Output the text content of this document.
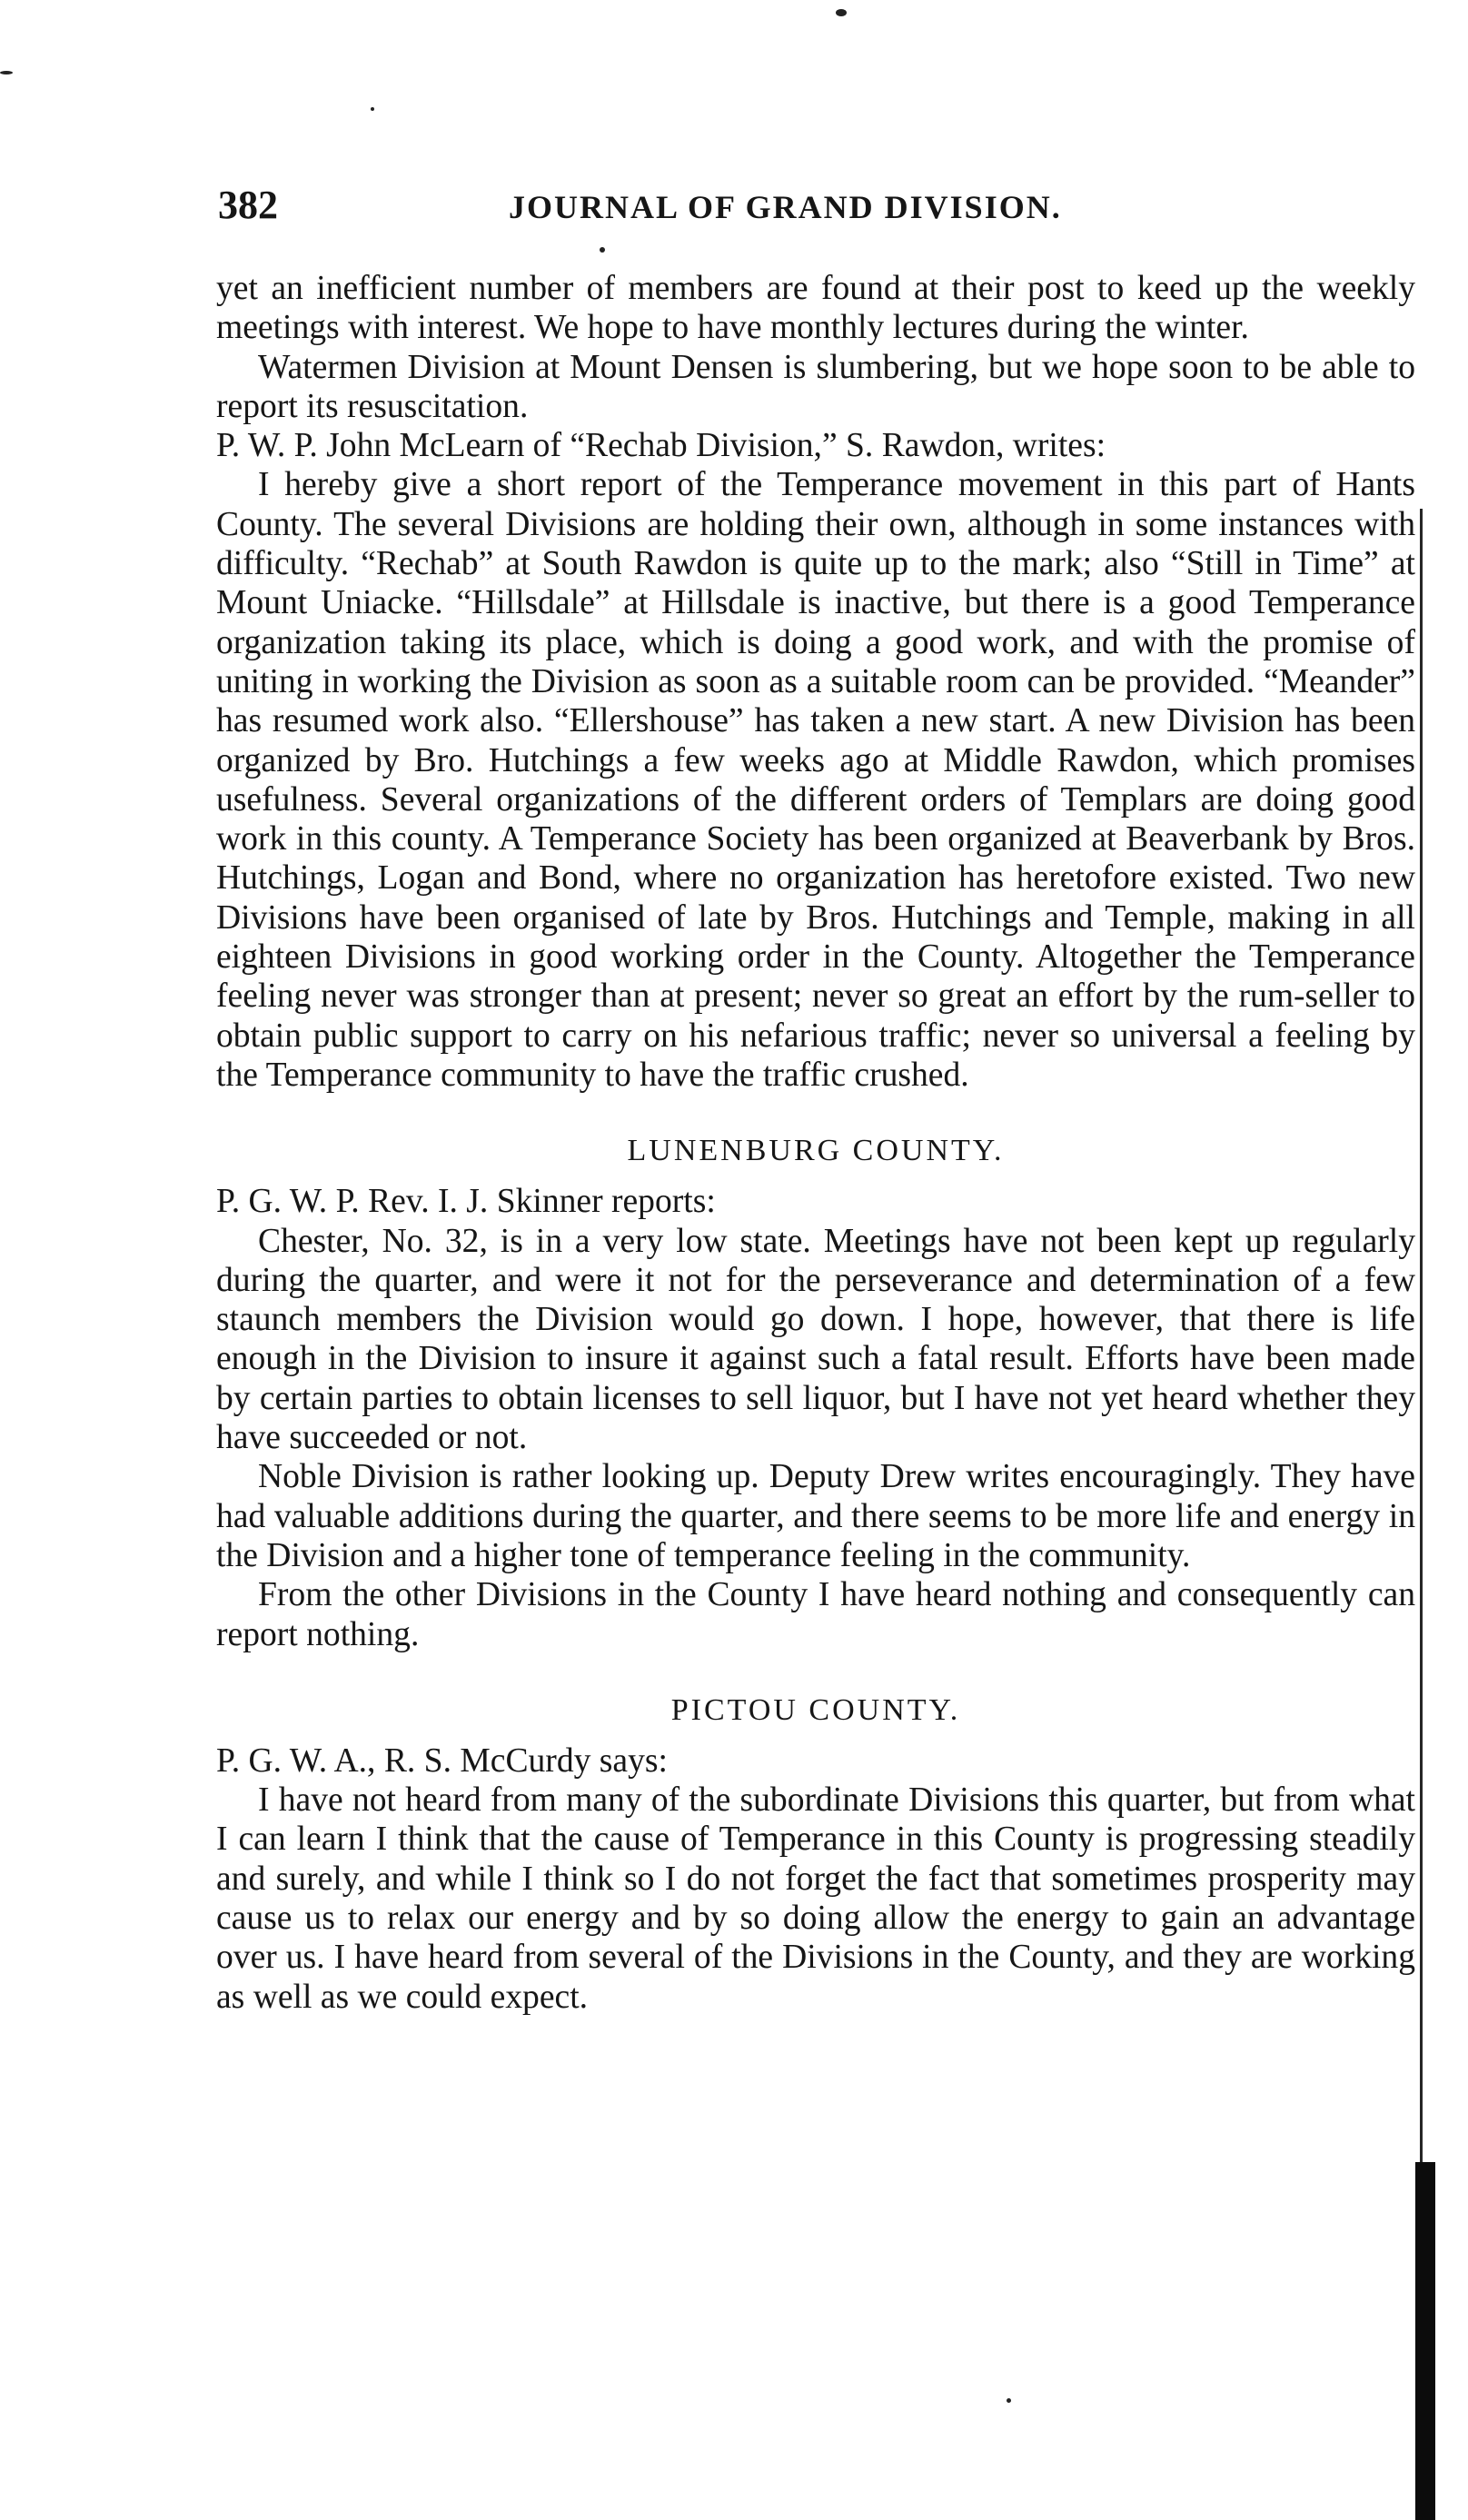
382	JOURNAL OF GRAND DIVISION.

yet an inefficient number of members are found at their post to keed up the weekly meetings with interest. We hope to have monthly lectures during the winter.

Watermen Division at Mount Densen is slumbering, but we hope soon to be able to report its resuscitation.

P. W. P. John McLearn of “Rechab Division,” S. Rawdon, writes:

I hereby give a short report of the Temperance movement in this part of Hants County. The several Divisions are holding their own, although in some instances with difficulty. “Rechab” at South Rawdon is quite up to the mark; also “Still in Time” at Mount Uniacke. “Hillsdale” at Hillsdale is inactive, but there is a good Temperance organization taking its place, which is doing a good work, and with the promise of uniting in working the Division as soon as a suitable room can be provided. “Meander” has resumed work also. “Ellershouse” has taken a new start. A new Division has been organized by Bro. Hutchings a few weeks ago at Middle Rawdon, which promises usefulness. Several organizations of the different orders of Templars are doing good work in this county. A Temperance Society has been organized at Beaverbank by Bros. Hutchings, Logan and Bond, where no organization has heretofore existed. Two new Divisions have been organised of late by Bros. Hutchings and Temple, making in all eighteen Divisions in good working order in the County. Altogether the Temperance feeling never was stronger than at present; never so great an effort by the rum-seller to obtain public support to carry on his nefarious traffic; never so universal a feeling by the Temperance community to have the traffic crushed.

LUNENBURG COUNTY.

P. G. W. P. Rev. I. J. Skinner reports:

Chester, No. 32, is in a very low state. Meetings have not been kept up regularly during the quarter, and were it not for the perseverance and determination of a few staunch members the Division would go down. I hope, however, that there is life enough in the Division to insure it against such a fatal result. Efforts have been made by certain parties to obtain licenses to sell liquor, but I have not yet heard whether they have succeeded or not.

Noble Division is rather looking up. Deputy Drew writes encouragingly. They have had valuable additions during the quarter, and there seems to be more life and energy in the Division and a higher tone of temperance feeling in the community.

From the other Divisions in the County I have heard nothing and consequently can report nothing.

PICTOU COUNTY.

P. G. W. A., R. S. McCurdy says:

I have not heard from many of the subordinate Divisions this quarter, but from what I can learn I think that the cause of Temperance in this County is progressing steadily and surely, and while I think so I do not forget the fact that sometimes prosperity may cause us to relax our energy and by so doing allow the energy to gain an advantage over us. I have heard from several of the Divisions in the County, and they are working as well as we could expect.
